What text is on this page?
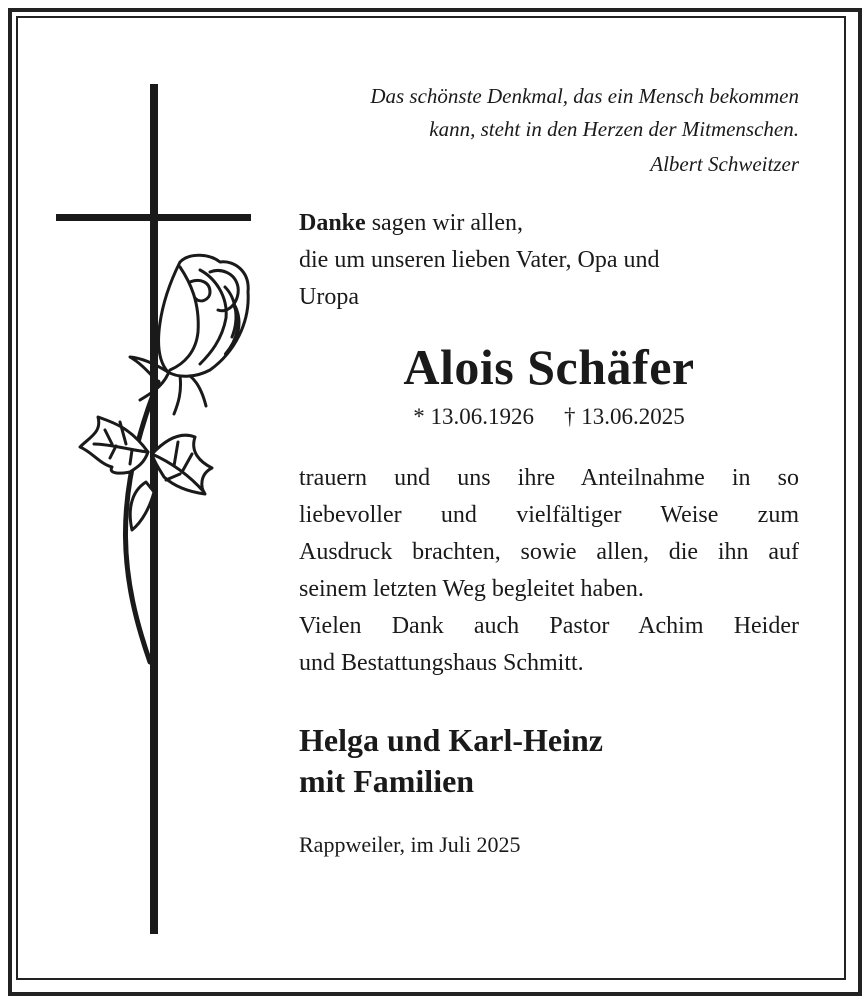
Das schönste Denkmal, das ein Mensch bekommen
kann, steht in den Herzen der Mitmenschen.
Albert Schweitzer
Danke sagen wir allen,
die um unseren lieben Vater, Opa und
Uropa
Alois Schäfer
* 13.06.1926 † 13.06.2025
trauern und uns ihre Anteilnahme in so
liebevoller und vielfältiger Weise zum
Ausdruck brachten, sowie allen, die ihn auf
seinem letzten Weg begleitet haben.
Vielen Dank auch Pastor Achim Heider
und Bestattungshaus Schmitt.
Helga und Karl-Heinz
mit Familien
Rappweiler, im Juli 2025
